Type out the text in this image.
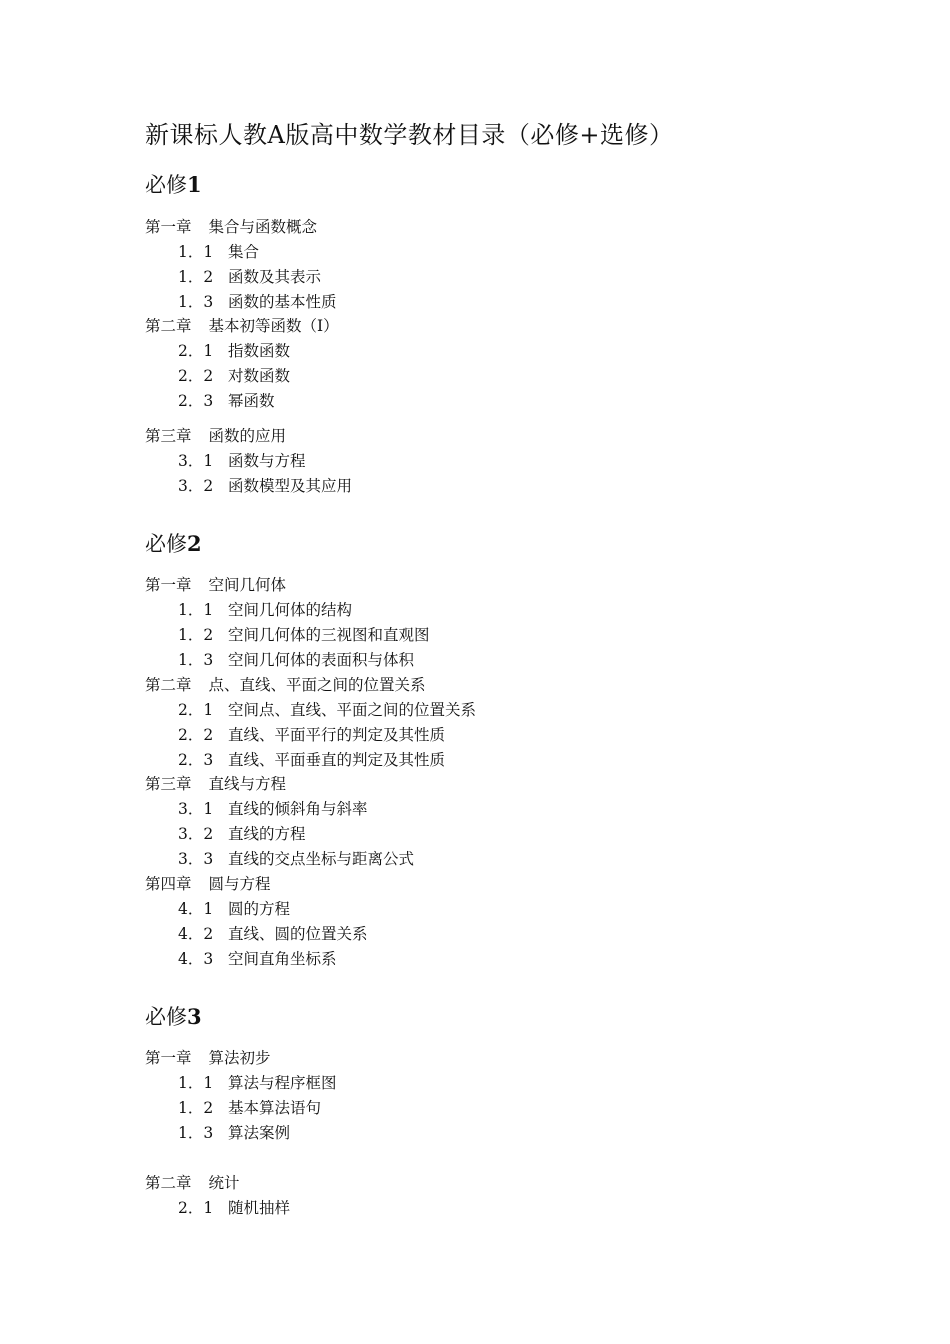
新课标人教A版高中数学教材目录（必修+选修）
必修1
第一章 集合与函数概念
1．1 集合
1．2 函数及其表示
1．3 函数的基本性质
第二章 基本初等函数（Ⅰ）
2．1 指数函数
2．2 对数函数
2．3 幂函数
第三章 函数的应用
3．1 函数与方程
3．2 函数模型及其应用
必修2
第一章 空间几何体
1．1 空间几何体的结构
1．2 空间几何体的三视图和直观图
1．3 空间几何体的表面积与体积
第二章 点、直线、平面之间的位置关系
2．1 空间点、直线、平面之间的位置关系
2．2 直线、平面平行的判定及其性质
2．3 直线、平面垂直的判定及其性质
第三章 直线与方程
3．1 直线的倾斜角与斜率
3．2 直线的方程
3．3 直线的交点坐标与距离公式
第四章 圆与方程
4．1 圆的方程
4．2 直线、圆的位置关系
4．3 空间直角坐标系
必修3
第一章 算法初步
1．1 算法与程序框图
1．2 基本算法语句
1．3 算法案例
第二章 统计
2．1 随机抽样
